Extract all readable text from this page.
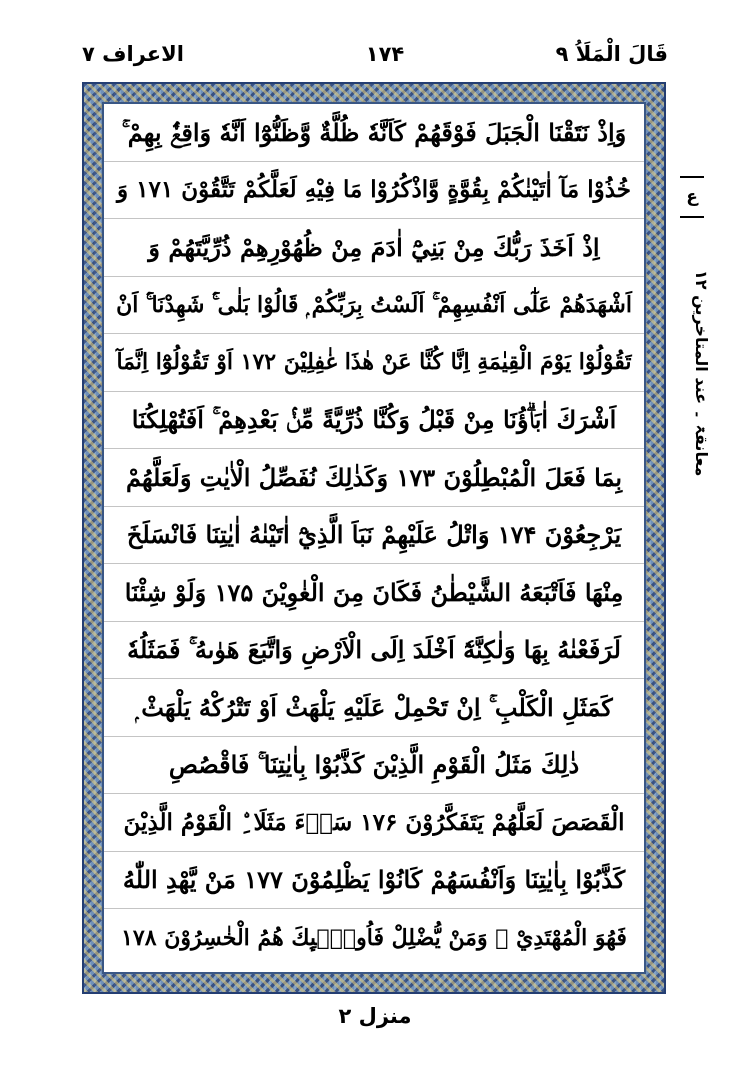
قَالَ الْمَلَاُ ۹
۱۷۴
الاعراف ۷
وَاِذْ نَتَقْنَا الْجَبَلَ فَوْقَهُمْ كَاَنَّهٗ ظُلَّةٌ وَّظَنُّوْٓا اَنَّهٗ وَاقِعٌۢ بِهِمْ ۚ
خُذُوْا مَآ اٰتَيْنٰكُمْ بِقُوَّةٍ وَّاذْكُرُوْا مَا فِيْهِ لَعَلَّكُمْ تَتَّقُوْنَ ۱۷۱ وَ
اِذْ اَخَذَ رَبُّكَ مِنْ بَنِيْٓ اٰدَمَ مِنْ ظُهُوْرِهِمْ ذُرِّيَّتَهُمْ وَ
اَشْهَدَهُمْ عَلٰٓى اَنْفُسِهِمْ ۚ اَلَسْتُ بِرَبِّكُمْ ۭ قَالُوْا بَلٰى ۚۛ شَهِدْنَا ۚۛ اَنْ
تَقُوْلُوْا يَوْمَ الْقِيٰمَةِ اِنَّا كُنَّا عَنْ هٰذَا غٰفِلِيْنَ ۱۷۲ اَوْ تَقُوْلُوْٓا اِنَّمَآ
اَشْرَكَ اٰبَاۗؤُنَا مِنْ قَبْلُ وَكُنَّا ذُرِّيَّةً مِّنْۢ بَعْدِهِمْ ۚ اَفَتُهْلِكُنَا
بِمَا فَعَلَ الْمُبْطِلُوْنَ ۱۷۳ وَكَذٰلِكَ نُفَصِّلُ الْاٰيٰتِ وَلَعَلَّهُمْ
يَرْجِعُوْنَ ۱۷۴ وَاتْلُ عَلَيْهِمْ نَبَاَ الَّذِيْٓ اٰتَيْنٰهُ اٰيٰتِنَا فَانْسَلَخَ
مِنْهَا فَاَتْبَعَهُ الشَّيْطٰنُ فَكَانَ مِنَ الْغٰوِيْنَ ۱۷۵ وَلَوْ شِئْنَا
لَرَفَعْنٰهُ بِهَا وَلٰكِنَّهٗٓ اَخْلَدَ اِلَى الْاَرْضِ وَاتَّبَعَ هَوٰىهُ ۚ فَمَثَلُهٗ
كَمَثَلِ الْكَلْبِ ۚ اِنْ تَحْمِلْ عَلَيْهِ يَلْهَثْ اَوْ تَتْرُكْهُ يَلْهَثْ ۭ
ذٰلِكَ مَثَلُ الْقَوْمِ الَّذِيْنَ كَذَّبُوْا بِاٰيٰتِنَا ۚ فَاقْصُصِ
الْقَصَصَ لَعَلَّهُمْ يَتَفَكَّرُوْنَ ۱۷۶ سَاۗءَ مَثَلَا ِۨ الْقَوْمُ الَّذِيْنَ
كَذَّبُوْا بِاٰيٰتِنَا وَاَنْفُسَهُمْ كَانُوْا يَظْلِمُوْنَ ۱۷۷ مَنْ يَّهْدِ اللّٰهُ
فَهُوَ الْمُهْتَدِيْ ۚ وَمَنْ يُّضْلِلْ فَاُولٰۗىِٕكَ هُمُ الْخٰسِرُوْنَ ۱۷۸
ع
معانقۃ ۔ عند المتاخرین ۱۲
منزل ۲
